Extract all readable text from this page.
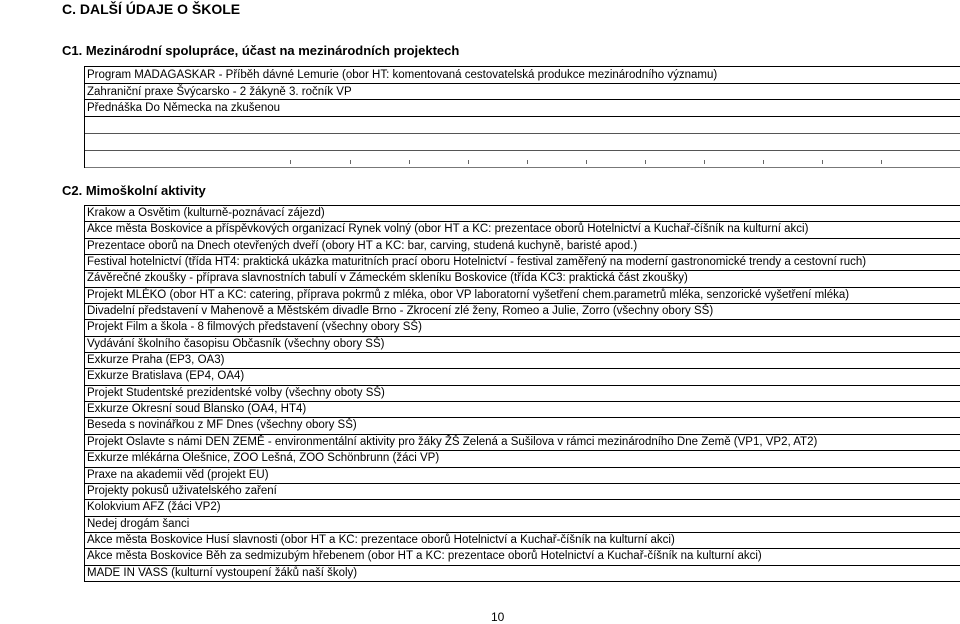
C. DALŠÍ ÚDAJE O ŠKOLE
C1. Mezinárodní spolupráce, účast na mezinárodních projektech
Program MADAGASKAR - Příběh dávné Lemurie (obor HT: komentovaná cestovatelská produkce mezinárodního významu)
Zahraniční praxe Švýcarsko - 2 žákyně 3. ročník VP
Přednáška Do Německa na zkušenou
C2. Mimoškolní aktivity
Krakow a Osvětim (kulturně-poznávací zájezd)
Akce města Boskovice a příspěvkových organizací Rynek volný (obor HT a KC: prezentace oborů Hotelnictví a Kuchař-číšník na kulturní akci)
Prezentace oborů na Dnech otevřených dveří (obory HT a KC: bar, carving, studená kuchyně, baristé apod.)
Festival hotelnictví (třída HT4: praktická ukázka maturitních prací oboru Hotelnictví - festival zaměřený na moderní gastronomické trendy a cestovní ruch)
Závěrečné zkoušky - příprava slavnostních tabulí v Zámeckém skleníku Boskovice (třída KC3: praktická část zkoušky)
Projekt MLÉKO (obor HT a KC: catering, příprava pokrmů z mléka, obor VP laboratorní vyšetření chem.parametrů mléka, senzorické vyšetření mléka)
Divadelní představení v Mahenově a Městském divadle Brno - Zkrocení zlé ženy, Romeo a Julie, Zorro (všechny obory SŠ)
Projekt Film a škola - 8 filmových představení (všechny obory SŠ)
Vydávání školního časopisu Občasník (všechny obory SŠ)
Exkurze Praha (EP3, OA3)
Exkurze Bratislava (EP4, OA4)
Projekt Studentské prezidentské volby (všechny oboty SŠ)
Exkurze Okresní soud Blansko (OA4, HT4)
Beseda s novinářkou z MF Dnes (všechny obory SŠ)
Projekt Oslavte s námi DEN ZEMĚ - environmentální aktivity pro žáky ŽŠ Zelená a Sušilova v rámci mezinárodního Dne Země (VP1, VP2, AT2)
Exkurze mlékárna Olešnice, ZOO Lešná, ZOO Schönbrunn (žáci VP)
Praxe na akademii věd (projekt EU)
Projekty pokusů uživatelského zaření
Kolokvium AFZ (žáci VP2)
Nedej drogám šanci
Akce města Boskovice Husí slavnosti (obor HT a KC: prezentace oborů Hotelnictví a Kuchař-číšník na kulturní akci)
Akce města Boskovice Běh za sedmizubým hřebenem (obor HT a KC: prezentace oborů Hotelnictví a Kuchař-číšník na kulturní akci)
MADE IN VASS (kulturní vystoupení žáků naší školy)
10
